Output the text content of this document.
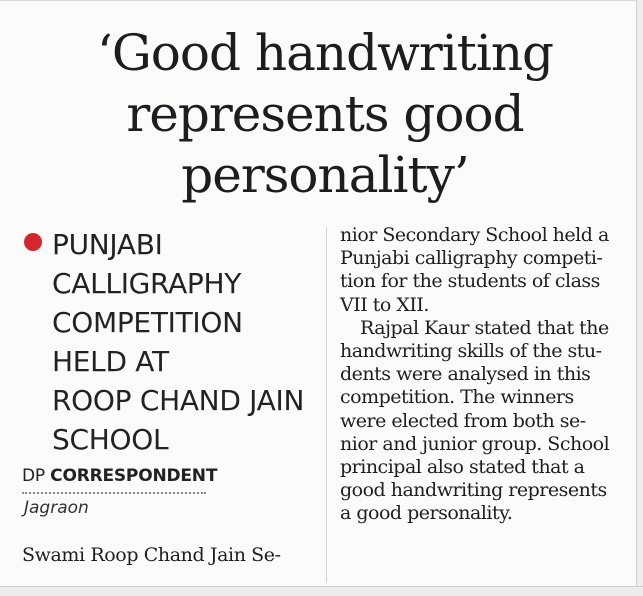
‘Good handwriting
represents good
personality’
PUNJABI
CALLIGRAPHY
COMPETITION
HELD AT
ROOP CHAND JAIN
SCHOOL
DP CORRESPONDENT
Jagraon
Swami Roop Chand Jain Se-
nior Secondary School held a
Punjabi calligraphy competi-
tion for the students of class
VII to XII.
Rajpal Kaur stated that the
handwriting skills of the stu-
dents were analysed in this
competition. The winners
were elected from both se-
nior and junior group. School
principal also stated that a
good handwriting represents
a good personality.
